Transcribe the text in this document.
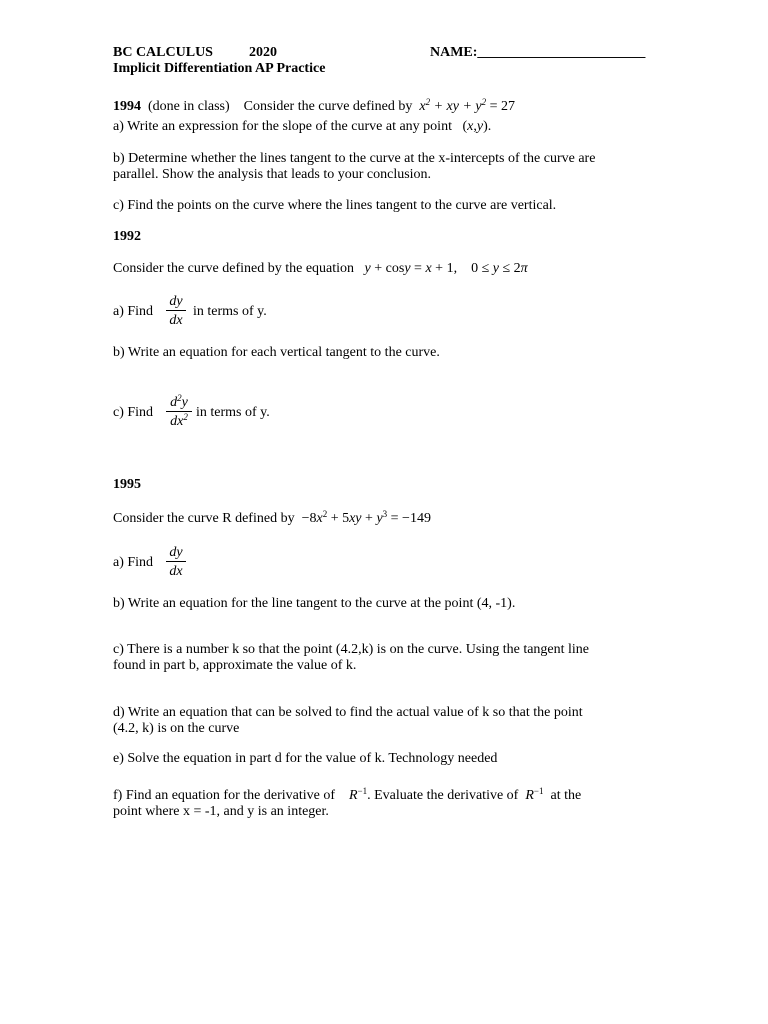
BC CALCULUS	2020	NAME:________________________
Implicit Differentiation AP Practice
1994 (done in class) Consider the curve defined by $x^2$ + xy + $y^2 = 27$
a) Write an expression for the slope of the curve at any point (x,y).
b) Determine whether the lines tangent to the curve at the x-intercepts of the curve are
parallel. Show the analysis that leads to your conclusion.
c) Find the points on the curve where the lines tangent to the curve are vertical.
1992
Consider the curve defined by the equation y + cosy = x + 1,    0 ≤ y ≤ 2π
a) Find
dy
dx
in terms of y.
b) Write an equation for each vertical tangent to the curve.
c) Find
$d^2y$
$dx^2$ in terms of y.
1995
Consider the curve R defined by $-8x^2 + 5xy + y^3 = -149$
a) Find
dy
dx
b) Write an equation for the line tangent to the curve at the point (4, -1).
c) There is a number k so that the point (4.2,k) is on the curve. Using the tangent line
found in part b, approximate the value of k.
d) Write an equation that can be solved to find the actual value of k so that the point
(4.2, k) is on the curve
e) Solve the equation in part d for the value of k. Technology needed
f) Find an equation for the derivative of $R^{-1}$. Evaluate the derivative of $R^{-1}$ at the
point where x = -1, and y is an integer.
